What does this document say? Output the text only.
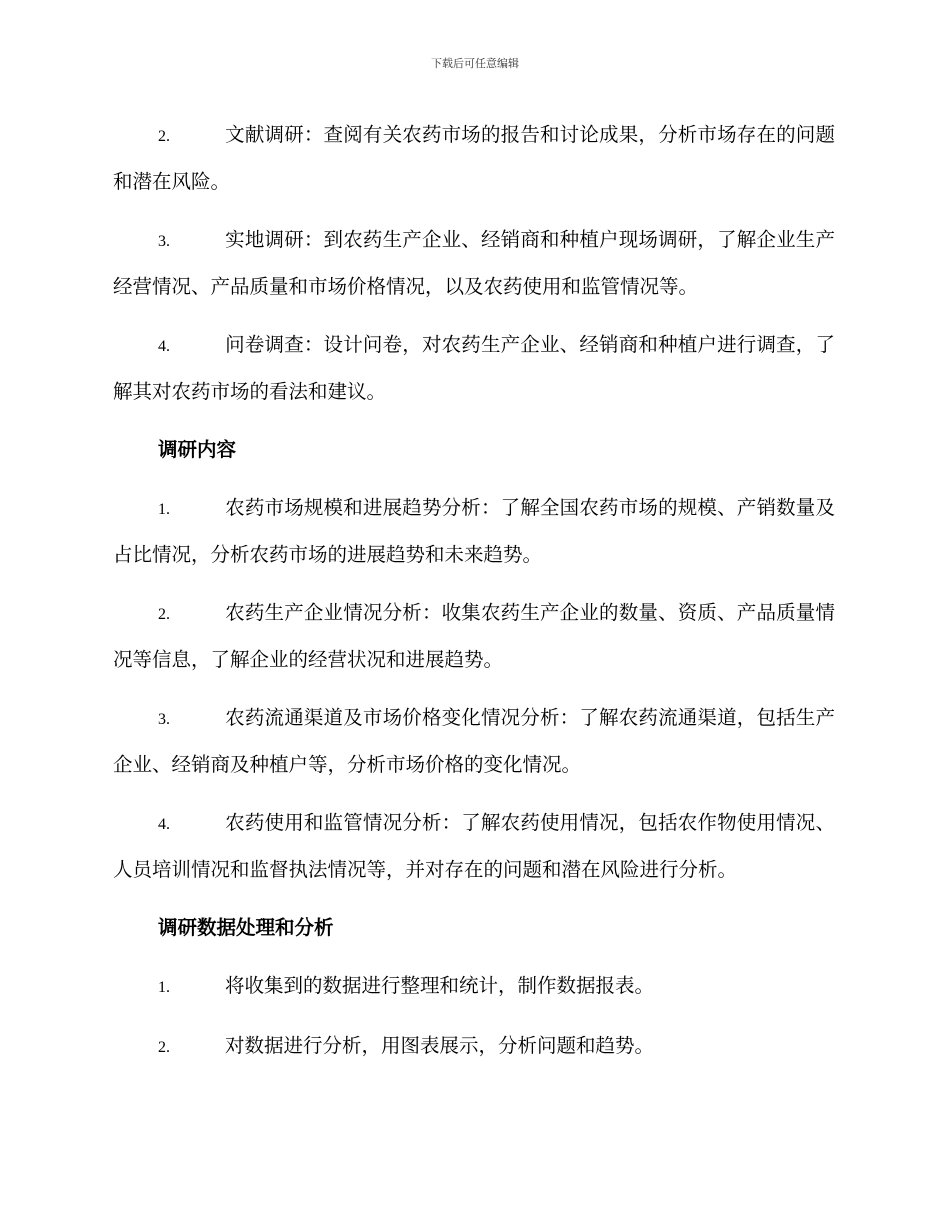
下载后可任意编辑

2.	文献调研：查阅有关农药市场的报告和讨论成果，分析市场存在的问题和潜在风险。

3.	实地调研：到农药生产企业、经销商和种植户现场调研，了解企业生产经营情况、产品质量和市场价格情况，以及农药使用和监管情况等。

4.	问卷调查：设计问卷，对农药生产企业、经销商和种植户进行调查，了解其对农药市场的看法和建议。

调研内容

1.	农药市场规模和进展趋势分析：了解全国农药市场的规模、产销数量及占比情况，分析农药市场的进展趋势和未来趋势。

2.	农药生产企业情况分析：收集农药生产企业的数量、资质、产品质量情况等信息，了解企业的经营状况和进展趋势。

3.	农药流通渠道及市场价格变化情况分析：了解农药流通渠道，包括生产企业、经销商及种植户等，分析市场价格的变化情况。

4.	农药使用和监管情况分析：了解农药使用情况，包括农作物使用情况、人员培训情况和监督执法情况等，并对存在的问题和潜在风险进行分析。

调研数据处理和分析

1.	将收集到的数据进行整理和统计，制作数据报表。

2.	对数据进行分析，用图表展示，分析问题和趋势。
